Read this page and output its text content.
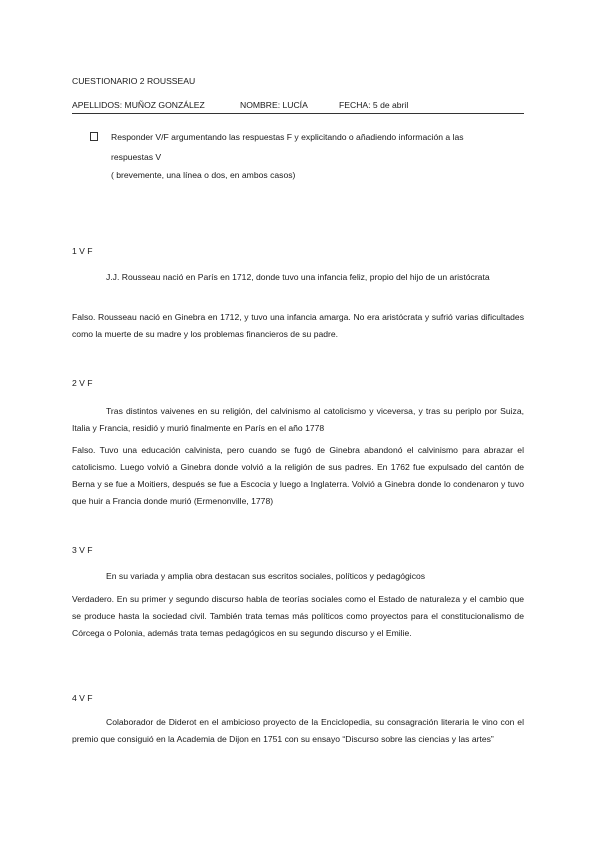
CUESTIONARIO 2 ROUSSEAU
APELLIDOS: MUÑOZ GONZÁLEZ	NOMBRE: LUCÍA	FECHA: 5 de abril
Responder V/F argumentando las respuestas F y explicitando o añadiendo información a las
respuestas V
( brevemente, una línea o dos, en ambos casos)
1 V F
J.J. Rousseau nació en París en 1712, donde tuvo una infancia feliz, propio del hijo de un aristócrata
Falso. Rousseau nació en Ginebra en 1712, y tuvo una infancia amarga. No era aristócrata y sufrió varias dificultades como la muerte de su madre y los problemas financieros de su padre.
2 V F
Tras distintos vaivenes en su religión, del calvinismo al catolicismo y viceversa, y tras su periplo por Suiza, Italia y Francia, residió y murió finalmente en París en el año 1778
Falso. Tuvo una educación calvinista, pero cuando se fugó de Ginebra abandonó el calvinismo para abrazar el catolicismo. Luego volvió a Ginebra donde volvió a la religión de sus padres. En 1762 fue expulsado del cantón de Berna y se fue a Moitiers, después se fue a Escocia y luego a Inglaterra. Volvió a Ginebra donde lo condenaron y tuvo que huir a Francia donde murió (Ermenonville, 1778)
3 V F
En su variada y amplia obra destacan sus escritos sociales, políticos y pedagógicos
Verdadero. En su primer y segundo discurso habla de teorías sociales como el Estado de naturaleza y el cambio que se produce hasta la sociedad civil. También trata temas más políticos como proyectos para el constitucionalismo de Córcega o Polonia, además trata temas pedagógicos en su segundo discurso y el Emilie.
4 V F
Colaborador de Diderot en el ambicioso proyecto de la Enciclopedia, su consagración literaria le vino con el premio que consiguió en la Academia de Dijon en 1751 con su ensayo “Discurso sobre las ciencias y las artes”
